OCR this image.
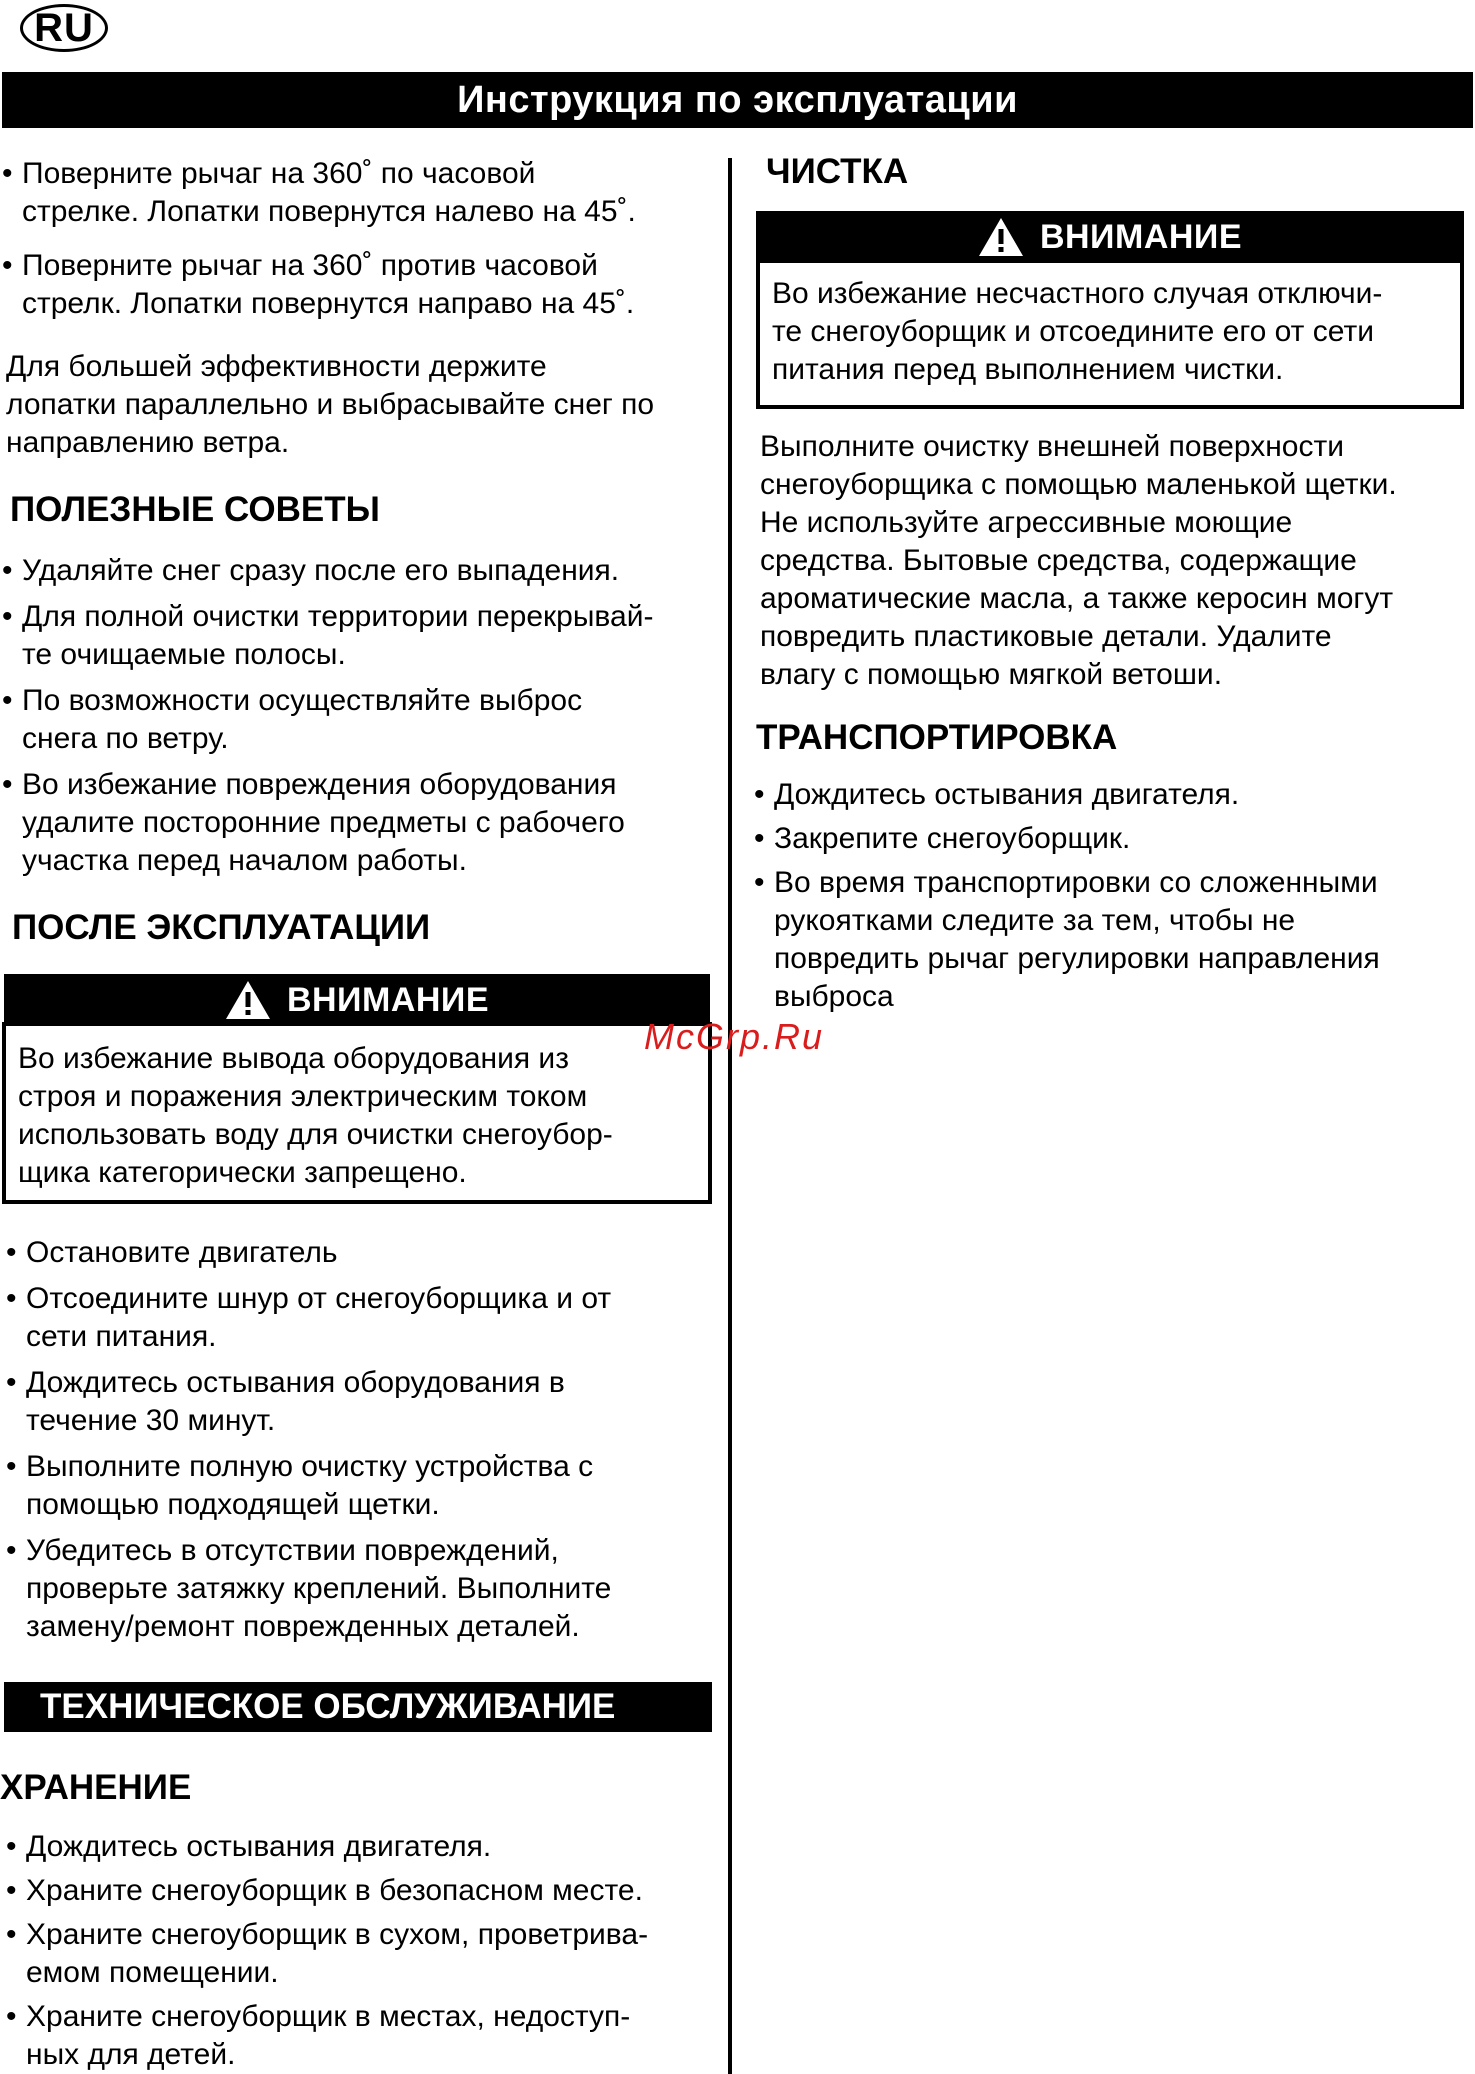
RU
Инструкция по эксплуатации
• Поверните рычаг на 360˚ по часовой
стрелке. Лопатки повернутся налево на 45˚.
• Поверните рычаг на 360˚ против часовой
стрелк. Лопатки повернутся направо на 45˚.
Для большей эффективности держите
лопатки параллельно и выбрасывайте снег по
направлению ветра.
ПОЛЕЗНЫЕ СОВЕТЫ
• Удаляйте снег сразу после его выпадения.
• Для полной очистки территории перекрывай-
те очищаемые полосы.
• По возможности осуществляйте выброс
снега по ветру.
• Во избежание повреждения оборудования
удалите посторонние предметы с рабочего
участка перед началом работы.
ПОСЛЕ ЭКСПЛУАТАЦИИ
ВНИМАНИЕ
Во избежание вывода оборудования из
строя и поражения электрическим током
использовать воду для очистки снегоубор-
щика категорически запрещено.
• Остановите двигатель
• Отсоедините шнур от снегоуборщика и от
сети питания.
• Дождитесь остывания оборудования в
течение 30 минут.
• Выполните полную очистку устройства с
помощью подходящей щетки.
• Убедитесь в отсутствии повреждений,
проверьте затяжку креплений. Выполните
замену/ремонт поврежденных деталей.
ТЕХНИЧЕСКОЕ ОБСЛУЖИВАНИЕ
ХРАНЕНИЕ
• Дождитесь остывания двигателя.
• Храните снегоуборщик в безопасном месте.
• Храните снегоуборщик в сухом, проветрива-
емом помещении.
• Храните снегоуборщик в местах, недоступ-
ных для детей.
ЧИСТКА
ВНИМАНИЕ
Во избежание несчастного случая отключи-
те снегоуборщик и отсоедините его от сети
питания перед выполнением чистки.
Выполните очистку внешней поверхности
снегоуборщика с помощью маленькой щетки.
Не используйте агрессивные моющие
средства. Бытовые средства, содержащие
ароматические масла, а также керосин могут
повредить пластиковые детали. Удалите
влагу с помощью мягкой ветоши.
ТРАНСПОРТИРОВКА
• Дождитесь остывания двигателя.
• Закрепите снегоуборщик.
• Во время транспортировки со сложенными
рукоятками следите за тем, чтобы не
повредить рычаг регулировки направления
выброса
McGrp.Ru
